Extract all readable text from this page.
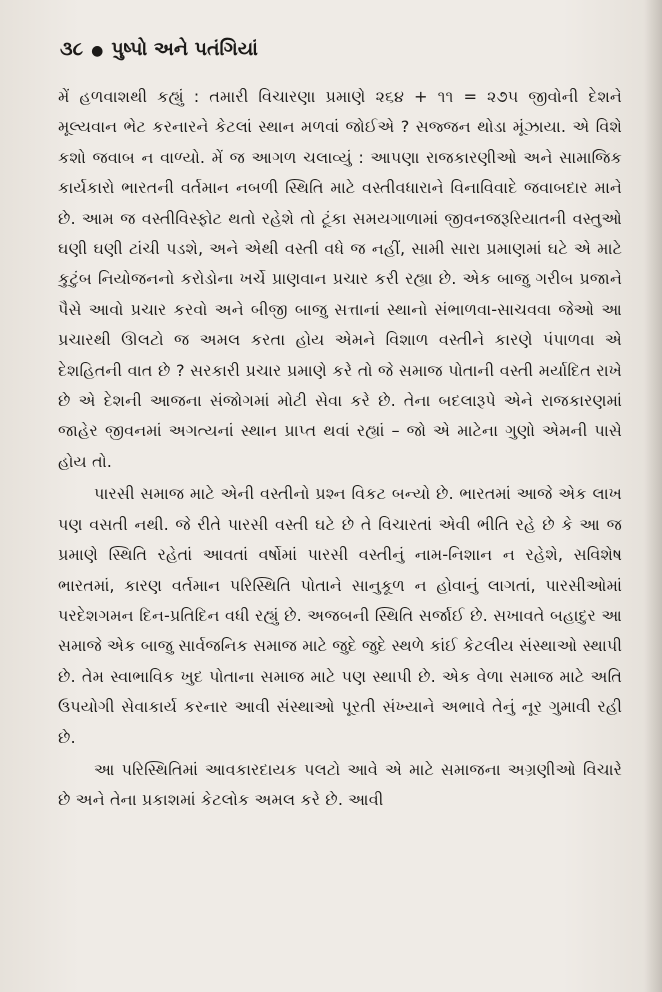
૩૮ ● પુષ્પો અને પતંગિયાં

મેં હળવાશથી કહ્યું : તમારી વિચારણા પ્રમાણે ૨૬૪ + ૧૧ = ૨૭૫ જીવોની દેશને મૂલ્યવાન ભેટ કરનારને કેટલાં સ્થાન મળવાં જોઈએ ? સજ્જન થોડા મૂંઝાયા. એ વિશે કશો જવાબ ન વાળ્યો. મેં જ આગળ ચલાવ્યું : આપણા રાજકારણીઓ અને સામાજિક કાર્યકારો ભારતની વર્તમાન નબળી સ્થિતિ માટે વસ્તીવધારાને વિનાવિવાદે જવાબદાર માને છે. આમ જ વસ્તીવિસ્ફોટ થતો રહેશે તો ટૂંકા સમયગાળામાં જીવનજરૂરિયાતની વસ્તુઓ ઘણી ઘણી ટાંચી પડશે, અને એથી વસ્તી વધે જ નહીં, સામી સારા પ્રમાણમાં ઘટે એ માટે કુટુંબ નિયોજનનો કરોડોના ખર્ચે પ્રાણવાન પ્રચાર કરી રહ્યા છે. એક બાજુ ગરીબ પ્રજાને પૈસે આવો પ્રચાર કરવો અને બીજી બાજુ સત્તાનાં સ્થાનો સંભાળવા-સાચવવા જેઓ આ પ્રચારથી ઊલટો જ અમલ કરતા હોય એમને વિશાળ વસ્તીને કારણે પંપાળવા એ દેશહિતની વાત છે ? સરકારી પ્રચાર પ્રમાણે કરે તો જે સમાજ પોતાની વસ્તી મર્યાદિત રાખે છે એ દેશની આજના સંજોગમાં મોટી સેવા કરે છે. તેના બદલારૂપે એને રાજકારણમાં જાહેર જીવનમાં અગત્યનાં સ્થાન પ્રાપ્ત થવાં રહ્યાં – જો એ માટેના ગુણો એમની પાસે હોય તો.

પારસી સમાજ માટે એની વસ્તીનો પ્રશ્ન વિકટ બન્યો છે. ભારતમાં આજે એક લાખ પણ વસતી નથી. જે રીતે પારસી વસ્તી ઘટે છે તે વિચારતાં એવી ભીતિ રહે છે કે આ જ પ્રમાણે સ્થિતિ રહેતાં આવતાં વર્ષોમાં પારસી વસ્તીનું નામ-નિશાન ન રહેશે, સવિશેષ ભારતમાં, કારણ વર્તમાન પરિસ્થિતિ પોતાને સાનુકૂળ ન હોવાનું લાગતાં, પારસીઓમાં પરદેશગમન દિન-પ્રતિદિન વધી રહ્યું છે. અજબની સ્થિતિ સર્જાઈ છે. સખાવતે બહાદુર આ સમાજે એક બાજુ સાર્વજનિક સમાજ માટે જુદે જુદે સ્થળે કાંઈ કેટલીય સંસ્થાઓ સ્થાપી છે. તેમ સ્વાભાવિક ખુદ પોતાના સમાજ માટે પણ સ્થાપી છે. એક વેળા સમાજ માટે અતિ ઉપયોગી સેવાકાર્ય કરનાર આવી સંસ્થાઓ પૂરતી સંખ્યાને અભાવે તેનું નૂર ગુમાવી રહી છે.

આ પરિસ્થિતિમાં આવકારદાયક પલટો આવે એ માટે સમાજના અગ્રણીઓ વિચારે છે અને તેના પ્રકાશમાં કેટલોક અમલ કરે છે. આવી
